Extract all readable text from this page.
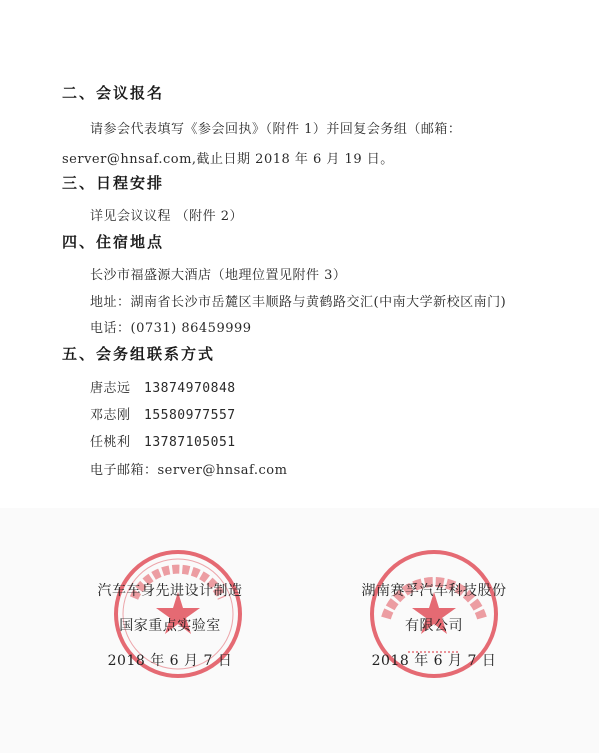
二、会议报名
请参会代表填写《参会回执》（附件 1）并回复会务组（邮箱：
server@hnsaf.com,截止日期 2018 年 6 月 19 日。
三、日程安排
详见会议议程 （附件 2）
四、住宿地点
长沙市福盛源大酒店（地理位置见附件 3）
地址：湖南省长沙市岳麓区丰顺路与黄鹤路交汇(中南大学新校区南门)
电话：(0731) 86459999
五、会务组联系方式
唐志远 13874970848
邓志刚 15580977557
任桃利 13787105051
电子邮箱：server@hnsaf.com
汽车车身先进设计制造
国家重点实验室
2018 年 6 月 7 日
湖南赛孚汽车科技股份
有限公司
2018 年 6 月 7 日
